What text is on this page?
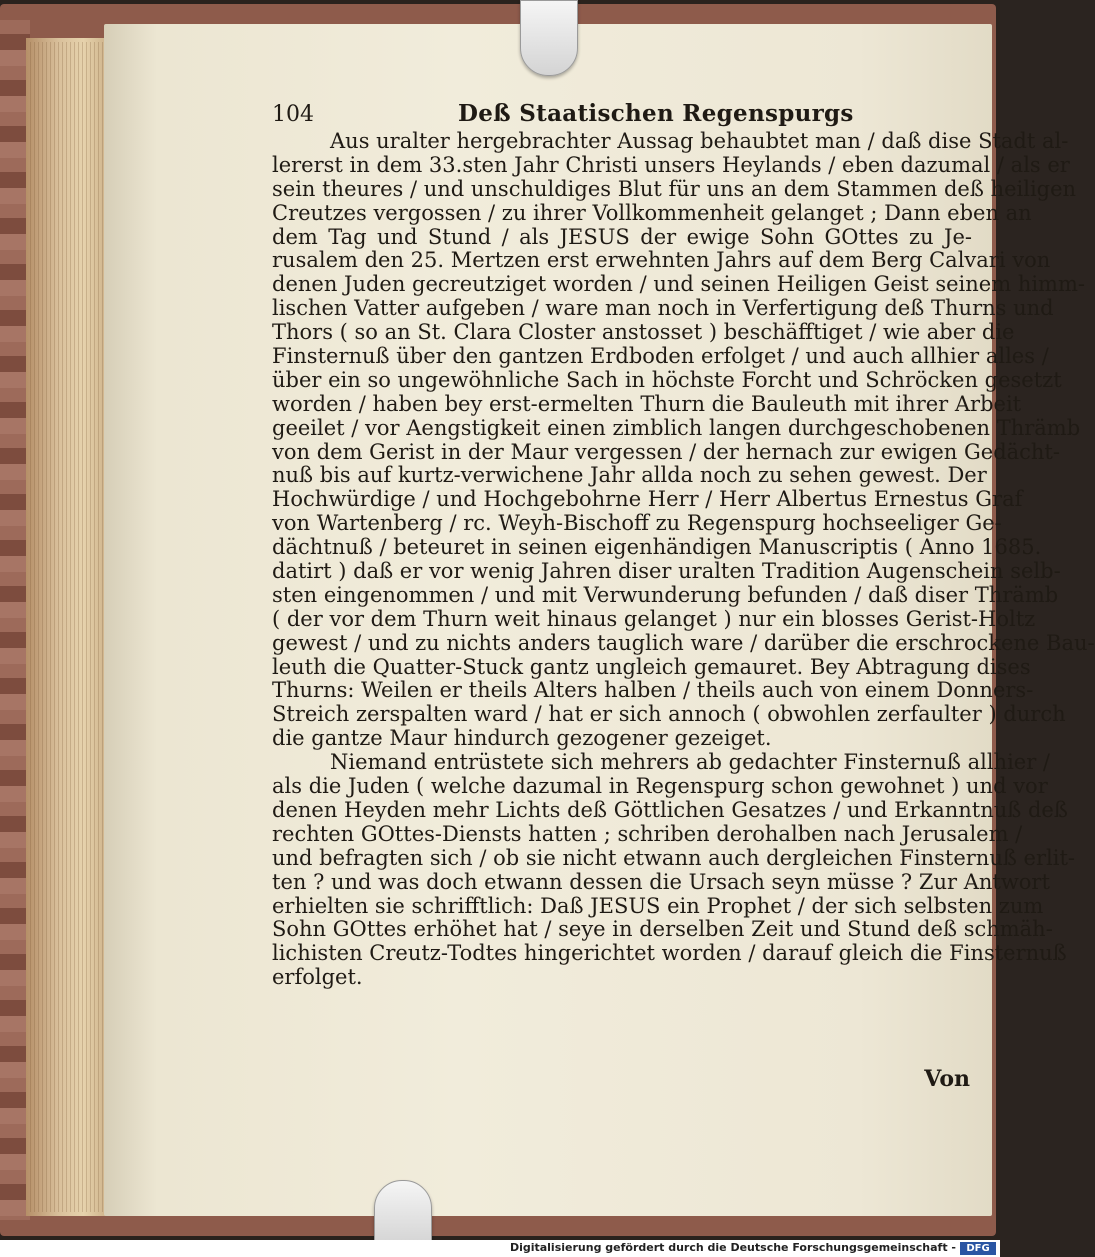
104	Deß Staatischen Regenspurgs
Aus uralter hergebrachter Aussag behaubtet man / daß dise Stadt al-
lererst in dem 33.sten Jahr Christi unsers Heylands / eben dazumal / als er
sein theures / und unschuldiges Blut für uns an dem Stammen deß heiligen
Creutzes vergossen / zu ihrer Vollkommenheit gelanget ; Dann eben an
dem Tag und Stund / als JESUS der ewige Sohn GOttes zu Je-
rusalem den 25. Mertzen erst erwehnten Jahrs auf dem Berg Calvari von
denen Juden gecreutziget worden / und seinen Heiligen Geist seinem himm-
lischen Vatter aufgeben / ware man noch in Verfertigung deß Thurns und
Thors ( so an St. Clara Closter anstosset ) beschäfftiget / wie aber die
Finsternuß über den gantzen Erdboden erfolget / und auch allhier alles /
über ein so ungewöhnliche Sach in höchste Forcht und Schröcken gesetzt
worden / haben bey erst-ermelten Thurn die Bauleuth mit ihrer Arbeit
geeilet / vor Aengstigkeit einen zimblich langen durchgeschobenen Thrämb
von dem Gerist in der Maur vergessen / der hernach zur ewigen Gedächt-
nuß bis auf kurtz-verwichene Jahr allda noch zu sehen gewest. Der
Hochwürdige / und Hochgebohrne Herr / Herr Albertus Ernestus Graf
von Wartenberg / rc. Weyh-Bischoff zu Regenspurg hochseeliger Ge-
dächtnuß / beteuret in seinen eigenhändigen Manuscriptis ( Anno 1685.
datirt ) daß er vor wenig Jahren diser uralten Tradition Augenschein selb-
sten eingenommen / und mit Verwunderung befunden / daß diser Thrämb
( der vor dem Thurn weit hinaus gelanget ) nur ein blosses Gerist-Holtz
gewest / und zu nichts anders tauglich ware / darüber die erschrockene Bau-
leuth die Quatter-Stuck gantz ungleich gemauret. Bey Abtragung dises
Thurns: Weilen er theils Alters halben / theils auch von einem Donners-
Streich zerspalten ward / hat er sich annoch ( obwohlen zerfaulter ) durch
die gantze Maur hindurch gezogener gezeiget.
Niemand entrüstete sich mehrers ab gedachter Finsternuß allhier /
als die Juden ( welche dazumal in Regenspurg schon gewohnet ) und vor
denen Heyden mehr Lichts deß Göttlichen Gesatzes / und Erkanntnuß deß
rechten GOttes-Diensts hatten ; schriben derohalben nach Jerusalem /
und befragten sich / ob sie nicht etwann auch dergleichen Finsternuß erlit-
ten ? und was doch etwann dessen die Ursach seyn müsse ? Zur Antwort
erhielten sie schrifftlich: Daß JESUS ein Prophet / der sich selbsten zum
Sohn GOttes erhöhet hat / seye in derselben Zeit und Stund deß schmäh-
lichisten Creutz-Todtes hingerichtet worden / darauf gleich die Finsternuß
erfolget.
Von
Digitalisierung gefördert durch die Deutsche Forschungsgemeinschaft -	DFG
